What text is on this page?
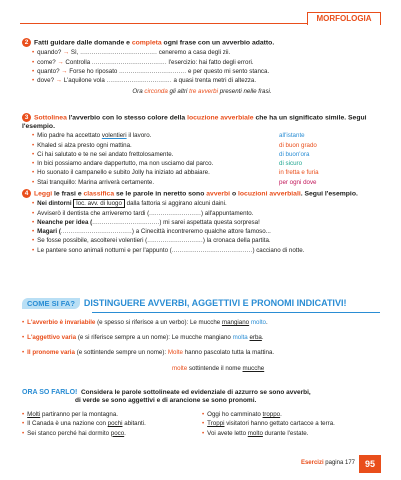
MORFOLOGIA
2 Fatti guidare dalle domande e completa ogni frase con un avverbio adatto.
• quando? → Sì, ........................................ ceneremo a casa degli zii.
• come? → Controlla ....................................... l'esercizio: hai fatto degli errori.
• quanto? → Forse ho riposato ................................... e per questo mi sento stanca.
• dove? → L'aquilone vola .................................. a quasi trenta metri di altezza.
Ora circonda gli altri tre avverbi presenti nelle frasi.
3 Sottolinea l'avverbio con lo stesso colore della locuzione avverbiale che ha un significato simile. Segui l'esempio.
• Mio padre ha accettato volentieri il lavoro.	all'istante
• Khaled si alza presto ogni mattina.	di buon grado
• Ci hai salutato e te ne sei andato frettolosamente.	di buon'ora
• In bici possiamo andare dappertutto, ma non usciamo dal parco.	di sicuro
• Ho suonato il campanello e subito Jolly ha iniziato ad abbaiare.	in fretta e furia
• Stai tranquillo: Marina arriverà certamente.	per ogni dove
4 Leggi le frasi e classifica se le parole in neretto sono avverbi o locuzioni avverbiali. Segui l'esempio.
• Nei dintorni loc. avv. di luogo dalla fattoria si aggirano alcuni daini.
• Avviserò il dentista che arriveremo tardi (...........................) all'appuntamento.
• Neanche per idea (...................................) mi sarei aspettata questa sorpresa!
• Magari (.....................................) a Cinecittà incontreremo qualche attore famoso...
• Se fosse possibile, ascolterei volentieri (.............................) la cronaca della partita.
• Le pantere sono animali notturni e per l'appunto (..........................................) cacciano di notte.
COME SI FA? DISTINGUERE AVVERBI, AGGETTIVI E PRONOMI INDICATIVI!
• L'avverbio è invariabile (e spesso si riferisce a un verbo): Le mucche mangiano molto.
• L'aggettivo varia (e si riferisce sempre a un nome): Le mucche mangiano molta erba.
• Il pronome varia (e sottintende sempre un nome): Molte hanno pascolato tutta la mattina.
molte sottintende il nome mucche
ORA SO FARLO! Considera le parole sottolineate ed evidenziale di azzurro se sono avverbi,
di verde se sono aggettivi e di arancione se sono pronomi.
• Molti partiranno per la montagna.
• Il Canada è una nazione con pochi abitanti.
• Sei stanco perché hai dormito poco.
• Oggi ho camminato troppo.
• Troppi visitatori hanno gettato cartacce a terra.
• Voi avete letto molto durante l'estate.
Esercizi pagina 177	95
